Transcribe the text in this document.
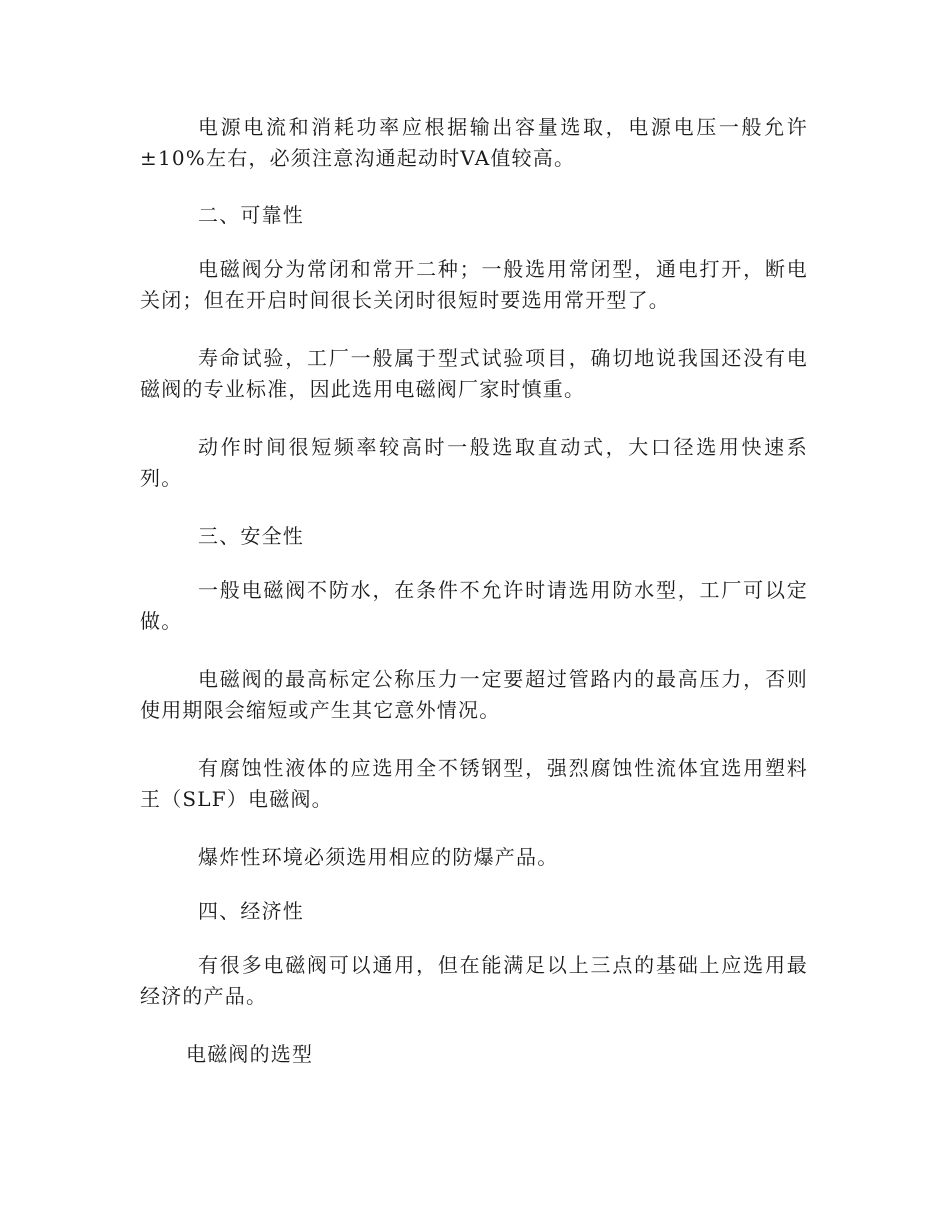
电源电流和消耗功率应根据输出容量选取，电源电压一般允许±10%左右，必须注意沟通起动时VA值较高。

二、可靠性

电磁阀分为常闭和常开二种；一般选用常闭型，通电打开，断电关闭；但在开启时间很长关闭时很短时要选用常开型了。

寿命试验，工厂一般属于型式试验项目，确切地说我国还没有电磁阀的专业标准，因此选用电磁阀厂家时慎重。

动作时间很短频率较高时一般选取直动式，大口径选用快速系列。

三、安全性

一般电磁阀不防水，在条件不允许时请选用防水型，工厂可以定做。

电磁阀的最高标定公称压力一定要超过管路内的最高压力，否则使用期限会缩短或产生其它意外情况。

有腐蚀性液体的应选用全不锈钢型，强烈腐蚀性流体宜选用塑料王（SLF）电磁阀。

爆炸性环境必须选用相应的防爆产品。

四、经济性

有很多电磁阀可以通用，但在能满足以上三点的基础上应选用最经济的产品。

电磁阀的选型
